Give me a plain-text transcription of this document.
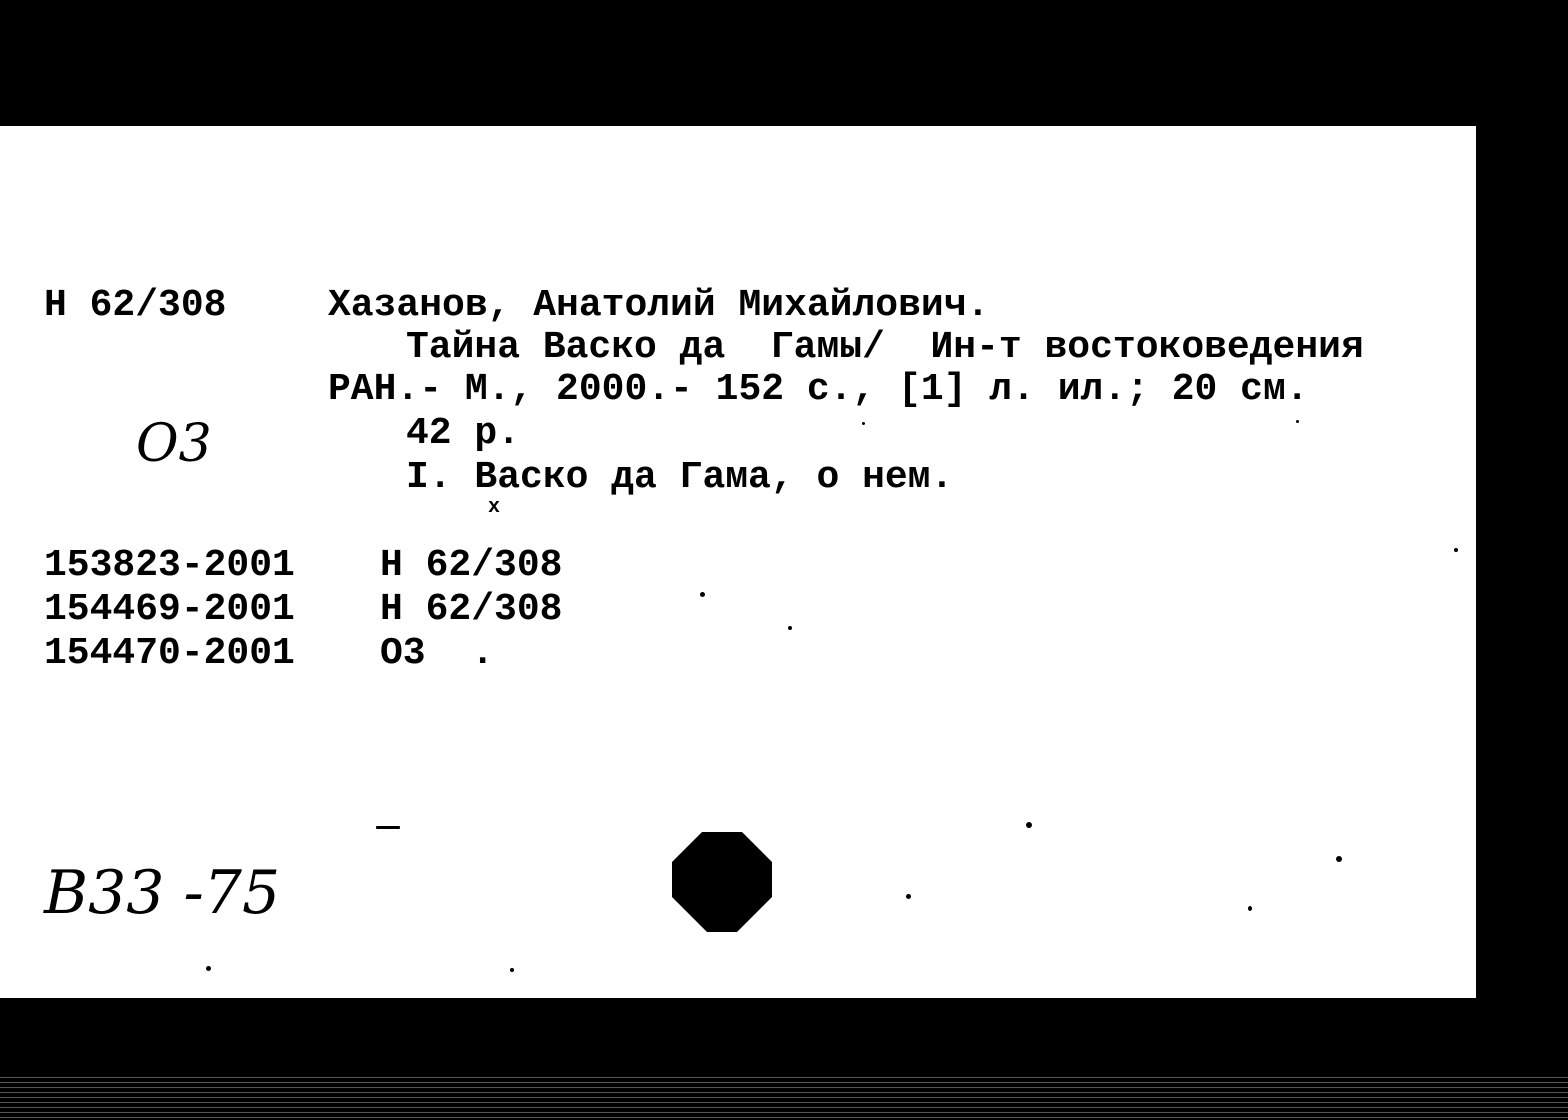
Н 62/308	Хазанов, Анатолий Михайлович.

Тайна Васко да  Гамы/  Ин-т востоковедения

РАН.- М., 2000.- 152 с., [1] л. ил.; 20 см.

42 р.

I. Васко да Гама, о нем.

x
О3

153823-2001 Н 62/308

154469-2001 Н 62/308

154470-2001 О3  .

В33 -75
